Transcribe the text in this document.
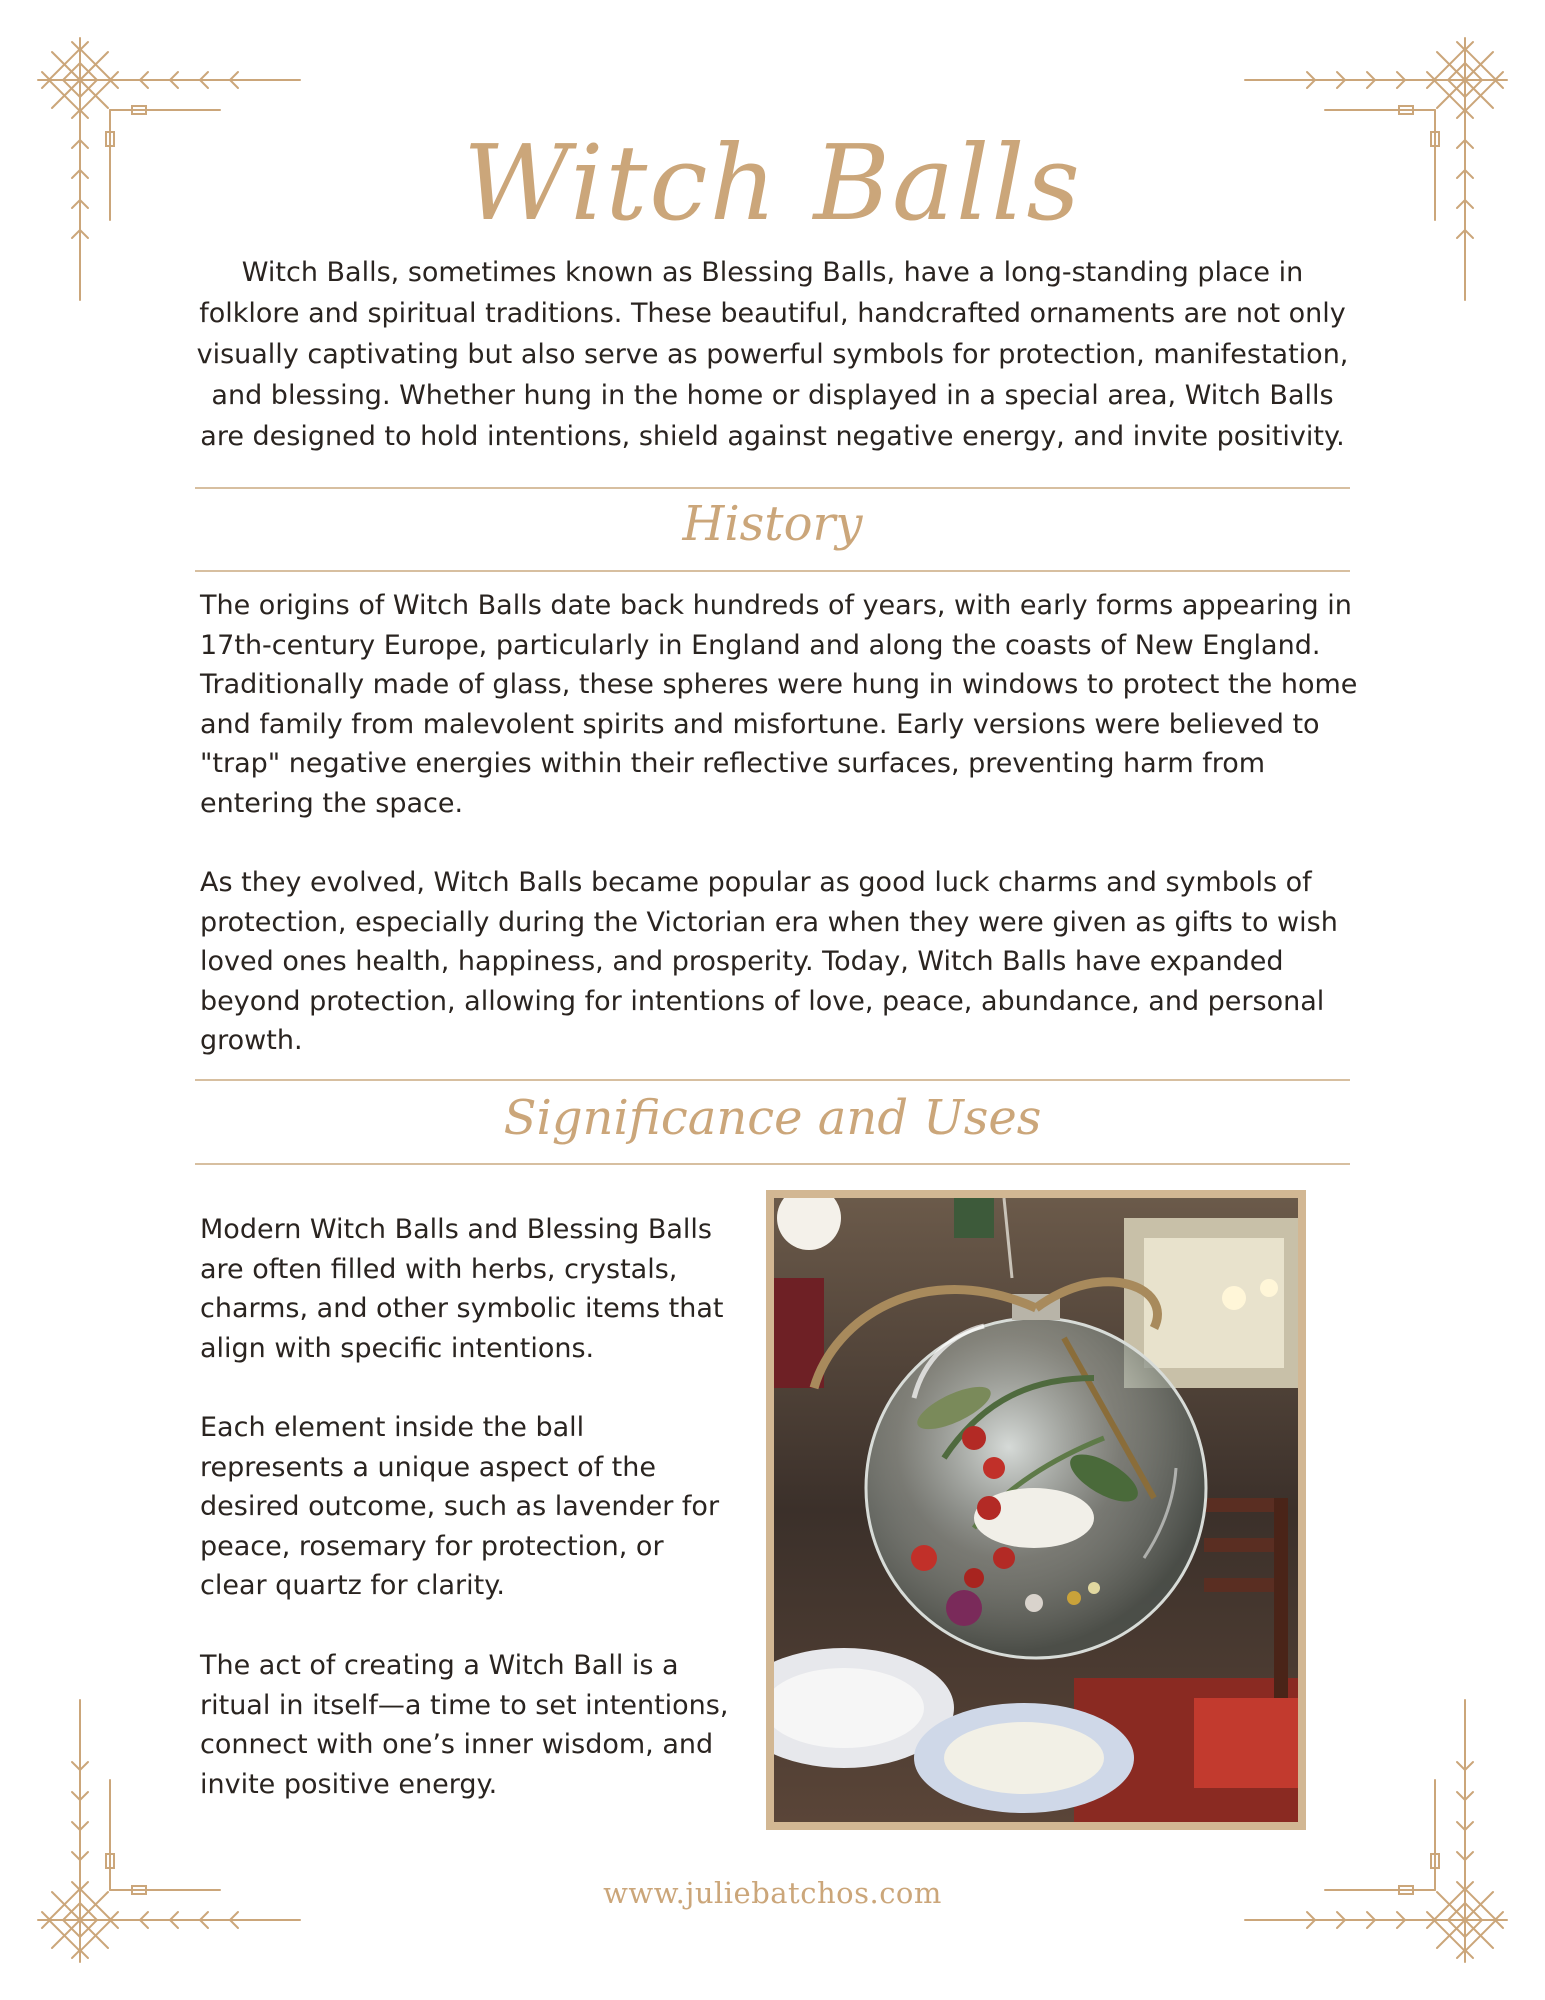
Witch Balls

Witch Balls, sometimes known as Blessing Balls, have a long-standing place in folklore and spiritual traditions. These beautiful, handcrafted ornaments are not only visually captivating but also serve as powerful symbols for protection, manifestation, and blessing. Whether hung in the home or displayed in a special area, Witch Balls are designed to hold intentions, shield against negative energy, and invite positivity.

History

The origins of Witch Balls date back hundreds of years, with early forms appearing in 17th-century Europe, particularly in England and along the coasts of New England. Traditionally made of glass, these spheres were hung in windows to protect the home and family from malevolent spirits and misfortune. Early versions were believed to "trap" negative energies within their reflective surfaces, preventing harm from entering the space.

As they evolved, Witch Balls became popular as good luck charms and symbols of protection, especially during the Victorian era when they were given as gifts to wish loved ones health, happiness, and prosperity. Today, Witch Balls have expanded beyond protection, allowing for intentions of love, peace, abundance, and personal growth.

Significance and Uses

Modern Witch Balls and Blessing Balls are often filled with herbs, crystals, charms, and other symbolic items that align with specific intentions.

Each element inside the ball represents a unique aspect of the desired outcome, such as lavender for peace, rosemary for protection, or clear quartz for clarity.

The act of creating a Witch Ball is a ritual in itself—a time to set intentions, connect with one’s inner wisdom, and invite positive energy.

www.juliebatchos.com
